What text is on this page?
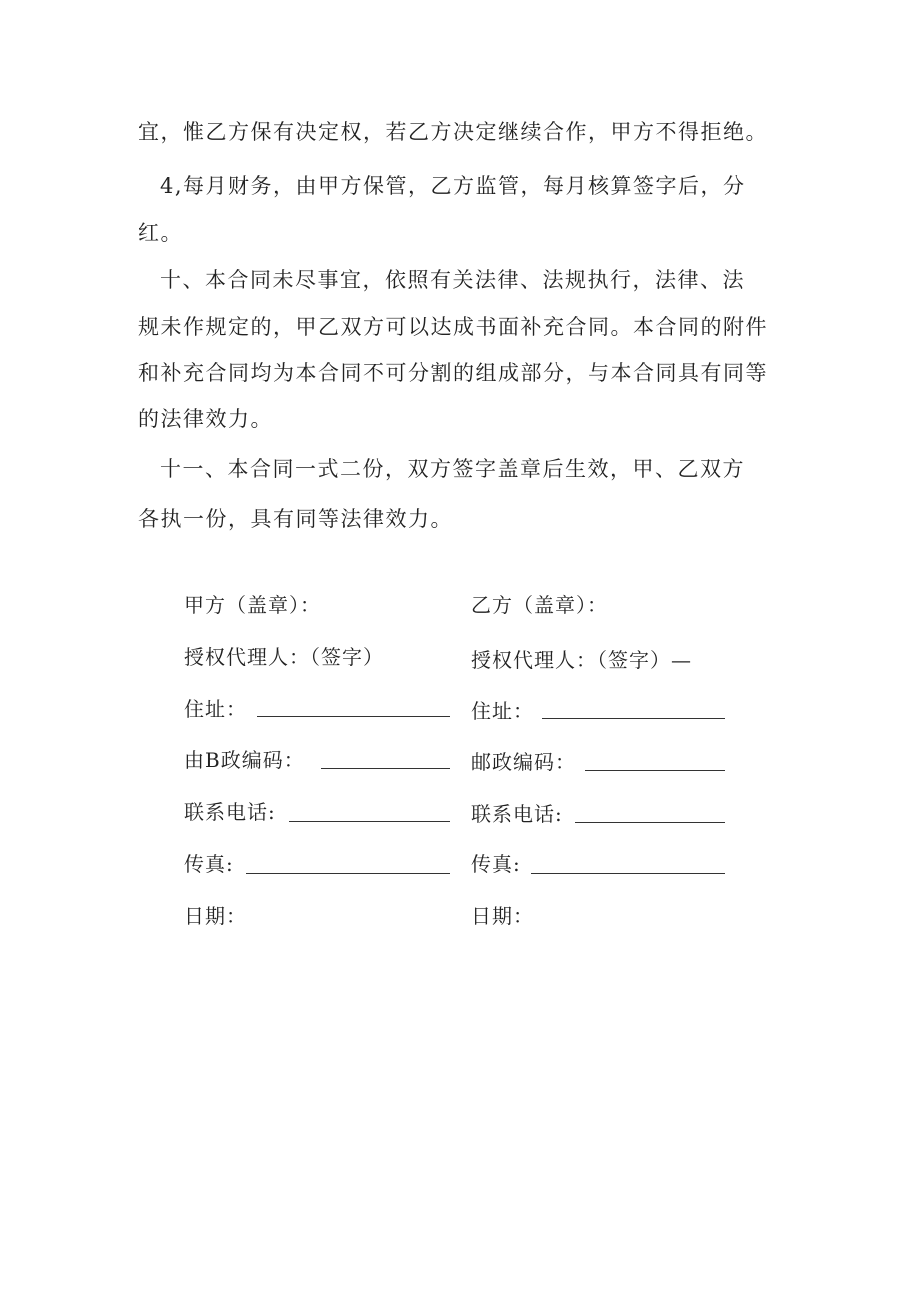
宜，惟乙方保有决定权，若乙方决定继续合作，甲方不得拒绝。
4,每月财务，由甲方保管，乙方监管，每月核算签字后，分
红。
十、本合同未尽事宜，依照有关法律、法规执行，法律、法
规未作规定的，甲乙双方可以达成书面补充合同。本合同的附件
和补充合同均为本合同不可分割的组成部分，与本合同具有同等
的法律效力。
十一、本合同一式二份，双方签字盖章后生效，甲、乙双方
各执一份，具有同等法律效力。
甲方（盖章）：
授权代理人：（签字）
住址：
由B政编码：
联系电话:
传真:
日期：
乙方（盖章）：
授权代理人：（签字）—
住址：
邮政编码：
联系电话:
传真:
日期：
